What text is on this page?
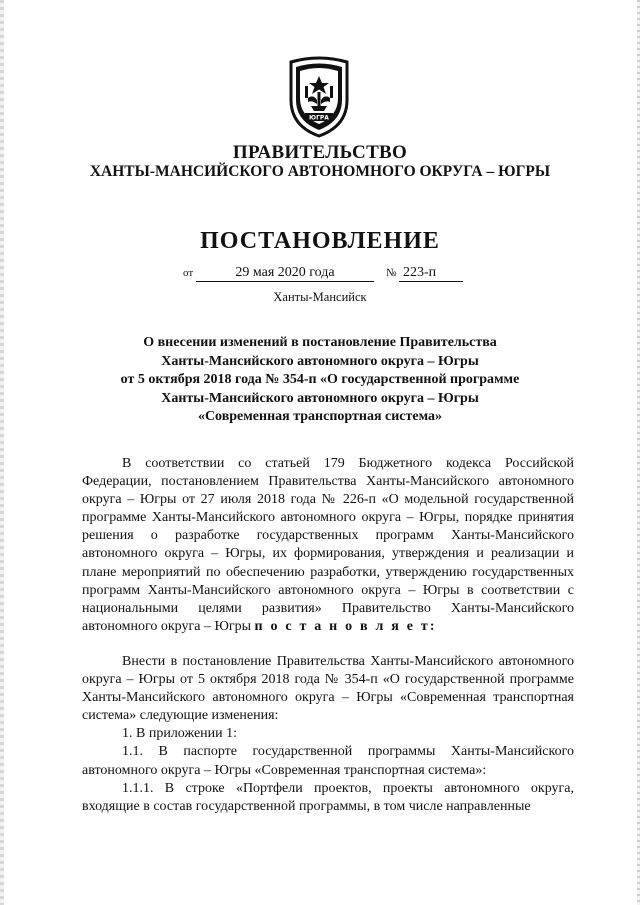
ЮГРА
ПРАВИТЕЛЬСТВО
ХАНТЫ-МАНСИЙСКОГО АВТОНОМНОГО ОКРУГА – ЮГРЫ
ПОСТАНОВЛЕНИЕ
от	29 мая 2020 года	№ 223-п
Ханты-Мансийск
О внесении изменений в постановление Правительства
Ханты-Мансийского автономного округа – Югры
от 5 октября 2018 года № 354-п «О государственной программе
Ханты-Мансийского автономного округа – Югры
«Современная транспортная система»

В соответствии со статьей 179 Бюджетного кодекса Российской Федерации, постановлением Правительства Ханты-Мансийского автономного округа – Югры от 27 июля 2018 года № 226-п «О модельной государственной программе Ханты-Мансийского автономного округа – Югры, порядке принятия решения о разработке государственных программ Ханты-Мансийского автономного округа – Югры, их формирования, утверждения и реализации и плане мероприятий по обеспечению разработки, утверждению государственных программ Ханты-Мансийского автономного округа – Югры в соответствии с национальными целями развития» Правительство Ханты-Мансийского автономного округа – Югры п о с т а н о в л я е т:

Внести в постановление Правительства Ханты-Мансийского автономного округа – Югры от 5 октября 2018 года № 354-п «О государственной программе Ханты-Мансийского автономного округа – Югры «Современная транспортная система» следующие изменения:

1. В приложении 1:

1.1. В паспорте государственной программы Ханты-Мансийского автономного округа – Югры «Современная транспортная система»:

1.1.1. В строке «Портфели проектов, проекты автономного округа, входящие в состав государственной программы, в том числе направленные
